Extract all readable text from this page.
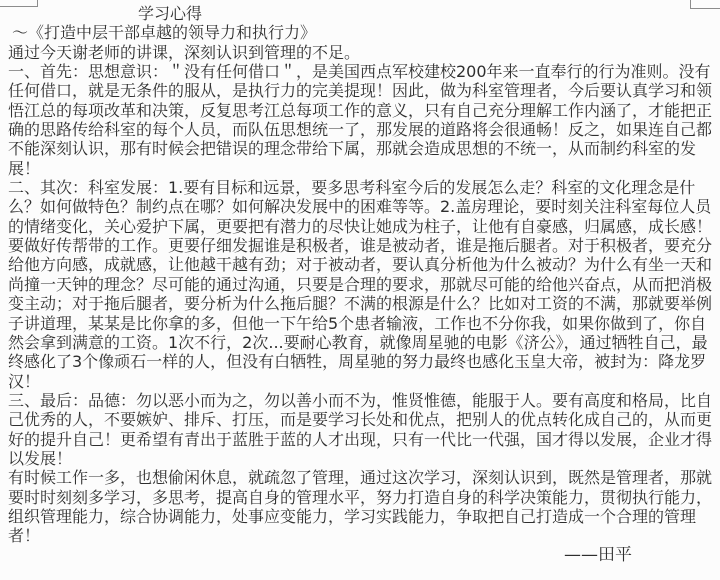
学习心得
～《打造中层干部卓越的领导力和执行力》
通过今天谢老师的讲课，深刻认识到管理的不足。
一、首先：思想意识：＂没有任何借口＂，是美国西点军校建校200年来一直奉行的行为准则。没有
任何借口，就是无条件的服从，是执行力的完美提现！因此，做为科室管理者，今后要认真学习和领
悟江总的每项改革和决策，反复思考江总每项工作的意义，只有自己充分理解工作内涵了，才能把正
确的思路传给科室的每个人员，而队伍思想统一了，那发展的道路将会很通畅！反之，如果连自己都
不能深刻认识，那有时候会把错误的理念带给下属，那就会造成思想的不统一，从而制约科室的发
展！
二、其次：科室发展：1.要有目标和远景，要多思考科室今后的发展怎么走？科室的文化理念是什
么？如何做特色？制约点在哪？如何解决发展中的困难等等。2.盖房理论，要时刻关注科室每位人员
的情绪变化，关心爱护下属，更要把有潜力的尽快让她成为柱子，让他有自豪感，归属感，成长感！
要做好传帮带的工作。更要仔细发掘谁是积极者，谁是被动者，谁是拖后腿者。对于积极者，要充分
给他方向感，成就感，让他越干越有劲；对于被动者，要认真分析他为什么被动？为什么有坐一天和
尚撞一天钟的理念？尽可能的通过沟通，只要是合理的要求，那就尽可能的给他兴奋点，从而把消极
变主动；对于拖后腿者，要分析为什么拖后腿？不满的根源是什么？比如对工资的不满，那就要举例
子讲道理，某某是比你拿的多，但他一下午给5个患者输液，工作也不分你我，如果你做到了，你自
然会拿到满意的工资。1次不行，2次...要耐心教育，就像周星驰的电影《济公》，通过牺牲自己，最
终感化了3个像顽石一样的人，但没有白牺牲，周星驰的努力最终也感化玉皇大帝，被封为：降龙罗
汉！
三、最后：品德：勿以恶小而为之，勿以善小而不为，惟贤惟德，能服于人。要有高度和格局，比自
己优秀的人，不要嫉妒、排斥、打压，而是要学习长处和优点，把别人的优点转化成自己的，从而更
好的提升自己！更希望有青出于蓝胜于蓝的人才出现，只有一代比一代强，国才得以发展，企业才得
以发展！
有时候工作一多，也想偷闲休息，就疏忽了管理，通过这次学习，深刻认识到，既然是管理者，那就
要时时刻刻多学习，多思考，提高自身的管理水平，努力打造自身的科学决策能力，贯彻执行能力，
组织管理能力，综合协调能力，处事应变能力，学习实践能力，争取把自己打造成一个合理的管理
者！
——田平
